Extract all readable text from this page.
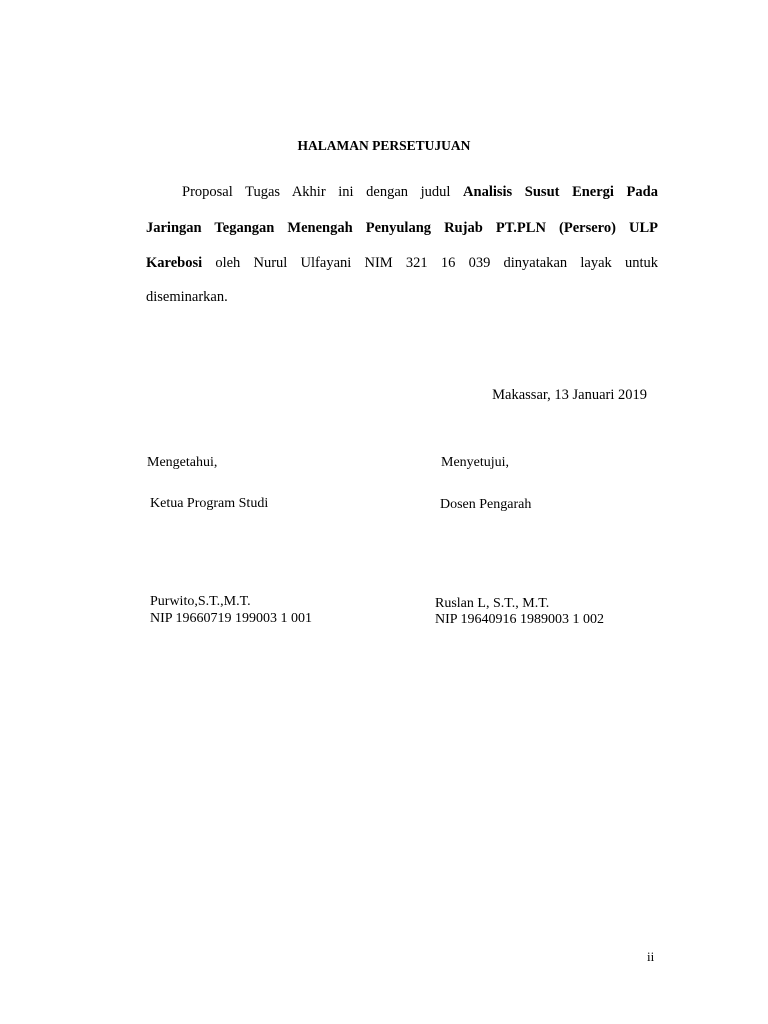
HALAMAN PERSETUJUAN
Proposal Tugas Akhir ini dengan judul Analisis Susut Energi Pada
Jaringan Tegangan Menengah Penyulang Rujab PT.PLN (Persero) ULP
Karebosi oleh Nurul Ulfayani NIM 321 16 039 dinyatakan layak untuk
diseminarkan.
Makassar, 13 Januari 2019
Mengetahui,
Ketua Program Studi
Purwito,S.T.,M.T.
NIP 19660719 199003 1 001
Menyetujui,
Dosen Pengarah
Ruslan L, S.T., M.T.
NIP 19640916 1989003 1 002
ii
